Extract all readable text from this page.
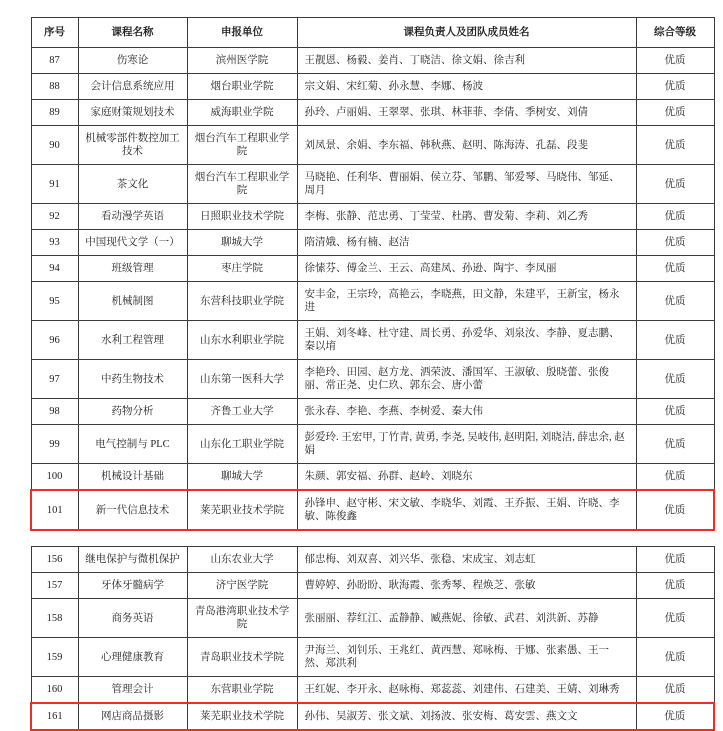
序号	课程名称	申报单位	课程负责人及团队成员姓名	综合等级
87	伤寒论	滨州医学院	王靓恩、杨毅、姜肖、丁晓洁、徐文娟、徐吉利	优质
88	会计信息系统应用	烟台职业学院	宗文娟、宋红菊、孙永慧、李娜、杨波	优质
89	家庭财策规划技术	威海职业学院	孙玲、卢丽娟、王翠翠、张琪、林菲菲、李倩、季树安、刘倩	优质
90	机械零部件数控加工技术	烟台汽车工程职业学院	刘凤景、余娟、李东福、韩秋燕、赵明、陈海涛、孔磊、段斐	优质
91	茶文化	烟台汽车工程职业学院	马晓艳、任利华、曹丽娟、侯立芬、邹鹏、邹爱琴、马晓伟、邹延、周月	优质
92	看动漫学英语	日照职业技术学院	李梅、张静、范忠勇、丁莹莹、杜鹃、曹发菊、李莉、刘乙秀	优质
93	中国现代文学（一）	聊城大学	隋清娥、杨有楠、赵洁	优质
94	班级管理	枣庄学院	徐愫芬、傅金兰、王云、高建凤、孙逊、陶宇、李凤丽	优质
95	机械制图	东营科技职业学院	安丰金，王宗玲，高艳云，李晓燕，田文静，朱建平，王新宝，杨永进	优质
96	水利工程管理	山东水利职业学院	王娟、刘冬峰、杜守建、周长勇、孙爱华、刘泉汝、李静、夏志鹏、秦以堉	优质
97	中药生物技术	山东第一医科大学	李艳玲、田园、赵方龙、洒荣波、潘国军、王淑敏、殷晓蕾、张俊丽、常正尧、史仁玖、郭东会、唐小蕾	优质
98	药物分析	齐鲁工业大学	张永春、李艳、李燕、李树爱、秦大伟	优质
99	电气控制与 PLC	山东化工职业学院	彭爱玲. 王宏甲, 丁竹青, 黄勇, 李尧, 吴岐伟, 赵明阳, 刘晓洁, 薛忠余, 赵娟	优质
100	机械设计基础	聊城大学	朱颜、郭安福、孙群、赵岭、刘晓东	优质
101	新一代信息技术	莱芜职业技术学院	孙锋申、赵守彬、宋文敏、李晓华、刘霞、王乔振、王娟、许晓、李敏、陈俊鑫	优质
156	继电保护与微机保护	山东农业大学	郁忠梅、刘双喜、刘兴华、张稳、宋成宝、刘志虹	优质
157	牙体牙髓病学	济宁医学院	曹婷婷、孙盼盼、耿海霞、张秀琴、程焕芝、张敏	优质
158	商务英语	青岛港湾职业技术学院	张丽丽、荐红江、孟静静、臧燕妮、徐敏、武君、刘洪新、苏静	优质
159	心理健康教育	青岛职业技术学院	尹海兰、刘钊乐、王兆红、黄西慧、郑咏梅、于娜、张素愚、王一然、郑洪利	优质
160	管理会计	东营职业学院	王红妮、李开永、赵咏梅、郑蕊蕊、刘建伟、石建美、王婧、刘琳秀	优质
161	网店商品摄影	莱芜职业技术学院	孙伟、吴淑芳、张文斌、刘扬波、张安梅、葛安雲、燕文文	优质
